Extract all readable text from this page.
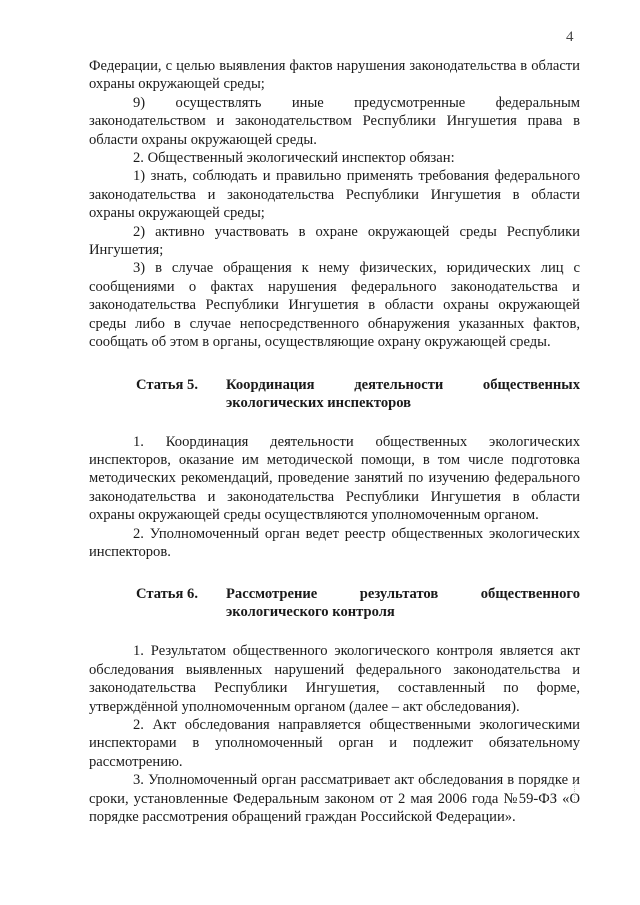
4

Федерации, с целью выявления фактов нарушения законодательства в области охраны окружающей среды;

9) осуществлять иные предусмотренные федеральным законодательством и законодательством Республики Ингушетия права в области охраны окружающей среды.

2. Общественный экологический инспектор обязан:

1) знать, соблюдать и правильно применять требования федерального законодательства и законодательства Республики Ингушетия в области охраны окружающей среды;

2) активно участвовать в охране окружающей среды Республики Ингушетия;

3) в случае обращения к нему физических, юридических лиц с сообщениями о фактах нарушения федерального законодательства и законодательства Республики Ингушетия в области охраны окружающей среды либо в случае непосредственного обнаружения указанных фактов, сообщать об этом в органы, осуществляющие охрану окружающей среды.

Статья 5. Координация деятельности общественных
экологических инспекторов

1. Координация деятельности общественных экологических инспекторов, оказание им методической помощи, в том числе подготовка методических рекомендаций, проведение занятий по изучению федерального законодательства и законодательства Республики Ингушетия в области охраны окружающей среды осуществляются уполномоченным органом.

2. Уполномоченный орган ведет реестр общественных экологических инспекторов.

Статья 6. Рассмотрение результатов общественного
экологического контроля

1. Результатом общественного экологического контроля является акт обследования выявленных нарушений федерального законодательства и законодательства Республики Ингушетия, составленный по форме, утверждённой уполномоченным органом (далее – акт обследования).

2. Акт обследования направляется общественными экологическими инспекторами в уполномоченный орган и подлежит обязательному рассмотрению.

3. Уполномоченный орган рассматривает акт обследования в порядке и сроки, установленные Федеральным законом от 2 мая 2006 года №59-ФЗ «О порядке рассмотрения обращений граждан Российской Федерации».
